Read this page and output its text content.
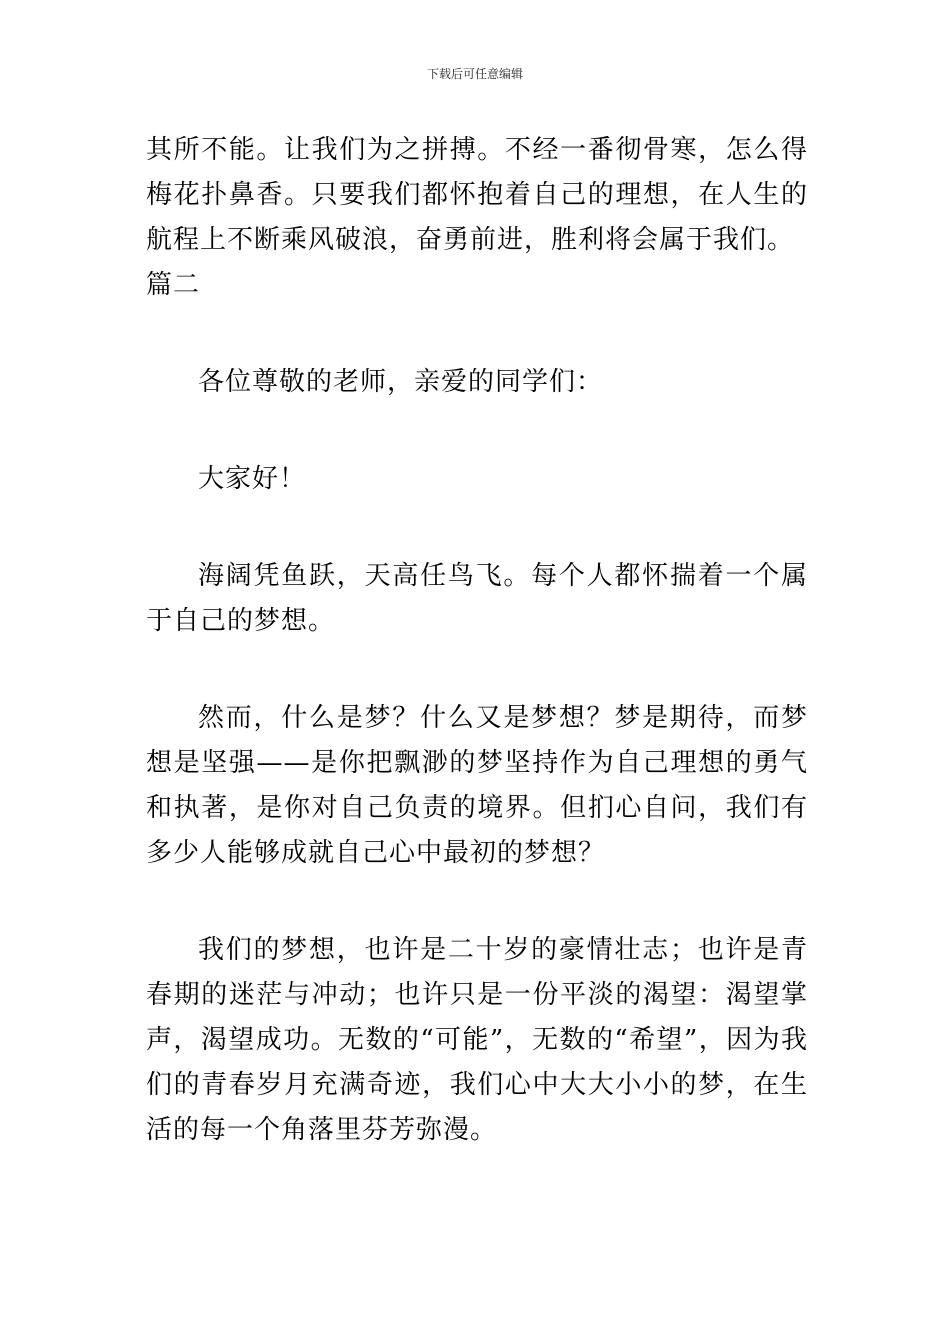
下载后可任意编辑

其所不能。让我们为之拼搏。不经一番彻骨寒，怎么得梅花扑鼻香。只要我们都怀抱着自己的理想，在人生的航程上不断乘风破浪，奋勇前进，胜利将会属于我们。

篇二

各位尊敬的老师，亲爱的同学们：

大家好！

海阔凭鱼跃，天高任鸟飞。每个人都怀揣着一个属于自己的梦想。

然而，什么是梦？什么又是梦想？梦是期待，而梦想是坚强——是你把飘渺的梦坚持作为自己理想的勇气和执著，是你对自己负责的境界。但扪心自问，我们有多少人能够成就自己心中最初的梦想？

我们的梦想，也许是二十岁的豪情壮志；也许是青春期的迷茫与冲动；也许只是一份平淡的渴望：渴望掌声，渴望成功。无数的“可能”，无数的“希望”，因为我们的青春岁月充满奇迹，我们心中大大小小的梦，在生活的每一个角落里芬芳弥漫。
